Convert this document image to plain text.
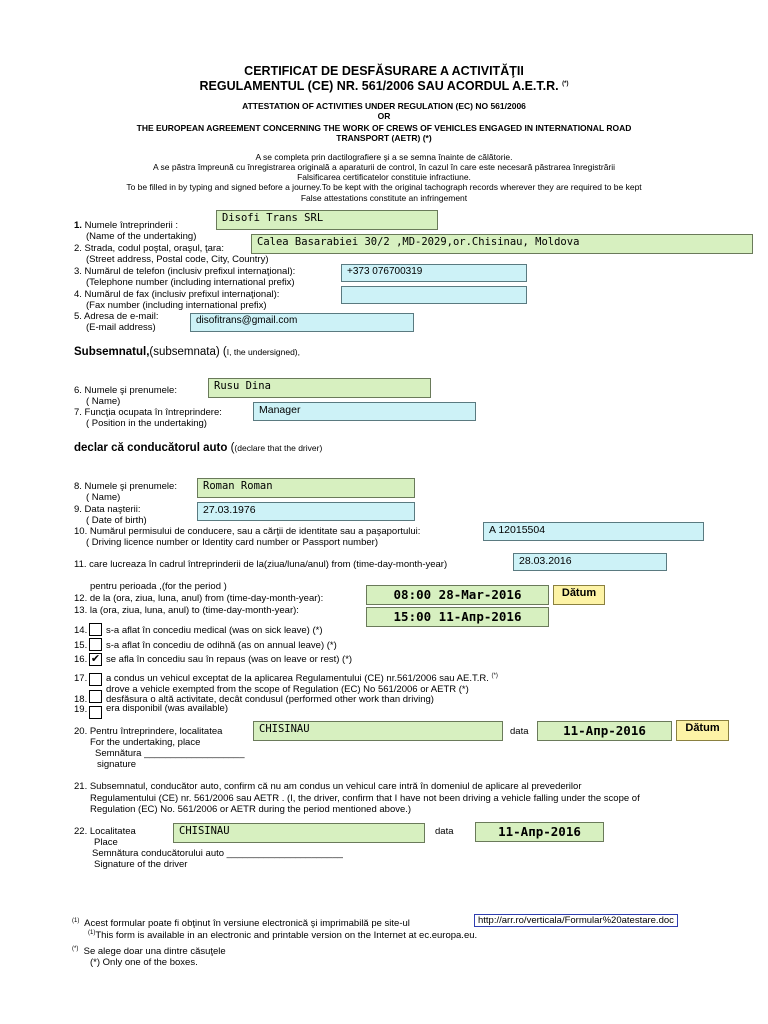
CERTIFICAT DE DESFĂSURARE A ACTIVITĂŢII
REGULAMENTUL (CE) NR. 561/2006 SAU ACORDUL A.E.T.R. (*)
ATTESTATION OF ACTIVITIES UNDER REGULATION (EC) NO 561/2006
OR
THE EUROPEAN AGREEMENT CONCERNING THE WORK OF CREWS OF VEHICLES ENGAGED IN INTERNATIONAL ROAD
TRANSPORT (AETR) (*)
A se completa prin dactilografiere şi a se semna înainte de călătorie.
A se păstra împreună cu înregistrarea originală a aparaturii de control, în cazul în care este necesară păstrarea înregistrării
Falsificarea certificatelor constituie infractiune.
To be filled in by typing and signed before a journey.To be kept with the original tachograph records wherever they are required to be kept
False attestations constitute an infringement
1. Numele întreprinderii :
(Name of the undertaking)
Disofi Trans SRL
2. Strada, codul poştal, oraşul, ţara:
(Street address, Postal code, City, Country)
Calea Basarabiei 30/2 ,MD-2029,or.Chisinau, Moldova
3. Numărul de telefon (inclusiv prefixul internaţional):
(Telephone number (including international prefix)
+373 076700319
4. Numărul de fax (inclusiv prefixul internaţional):
(Fax number (including international prefix)
5. Adresa de e-mail:
(E-mail address)
disofitrans@gmail.com
Subsemnatul,(subsemnata) (I, the undersigned),
6. Numele şi prenumele:
( Name)
Rusu Dina
7. Funcţia ocupata în întreprindere:
( Position in the undertaking)
Manager
declar că conducătorul auto ((declare that the driver)
8. Numele şi prenumele:
( Name)
Roman Roman
9. Data naşterii:
( Date of birth)
27.03.1976
10. Numărul permisului de conducere, sau a cărţii de identitate sau a paşaportului:
( Driving licence number or Identity card number or Passport number)
A 12015504
11. care lucreaza în cadrul întreprinderii de la(ziua/luna/anul) from (time-day-month-year)	28.03.2016
pentru perioada ,(for the period )
12. de la (ora, ziua, luna, anul) from (time-day-month-year):	08:00 28-Mar-2016	Dătum
13. la (ora, ziua, luna, anul) to (time-day-month-year):	15:00 11-Апр-2016
14. s-a aflat în concediu medical (was on sick leave) (*)
15. s-a aflat în concediu de odihnă (as on annual leave) (*)
16. ✔ se afla în concediu sau în repaus (was on leave or rest) (*)
17. a condus un vehicul exceptat de la aplicarea Regulamentului (CE) nr.561/2006 sau AE.T.R. (*)
drove a vehicle exempted from the scope of Regulation (EC) No 561/2006 or AETR (*)
18. desfăsura o altă activitate, decât condusul (performed other work than driving)
19. era disponibil (was available)
20. Pentru întreprindere, localitatea
For the undertaking, place
CHISINAU	data	11-Апр-2016	Dătum
Semnătura ___________________
signature
21. Subsemnatul, conducător auto, confirm că nu am condus un vehicul care intră în domeniul de aplicare al prevederilor
Regulamentului (CE) nr. 561/2006 sau AETR . (I, the driver, confirm that I have not been driving a vehicle falling under the scope of
Regulation (EC) No. 561/2006 or AETR during the period mentioned above.)
22. Localitatea
Place
CHISINAU	data	11-Апр-2016
Semnătura conducătorului auto ______________________
Signature of the driver
$^{(1)}$ Acest formular poate fi obţinut în versiune electronică şi imprimabilă pe site-ul	http://arr.ro/verticala/Formular%20atestare.doc
$^{(1)}$This form is available in an electronic and printable version on the Internet at ec.europa.eu.
(*) Se alege doar una dintre căsuţele
(*) Only one of the boxes.
